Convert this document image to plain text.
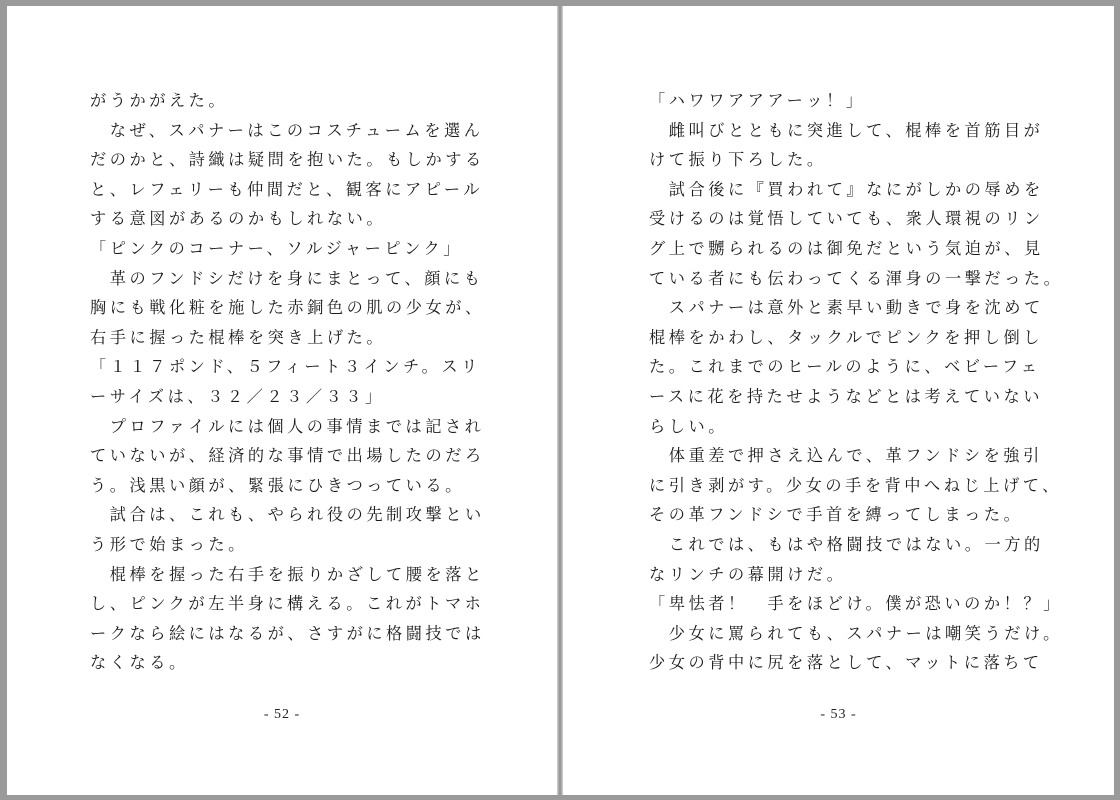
がうかがえた。
　なぜ、スパナーはこのコスチュームを選ん
だのかと、詩織は疑問を抱いた。もしかする
と、レフェリーも仲間だと、観客にアピール
する意図があるのかもしれない。
「ピンクのコーナー、ソルジャーピンク」
　革のフンドシだけを身にまとって、顔にも
胸にも戦化粧を施した赤銅色の肌の少女が、
右手に握った棍棒を突き上げた。
「１１７ポンド、５フィート３インチ。スリ
ーサイズは、３２／２３／３３」
　プロファイルには個人の事情までは記され
ていないが、経済的な事情で出場したのだろ
う。浅黒い顔が、緊張にひきつっている。
　試合は、これも、やられ役の先制攻撃とい
う形で始まった。
　棍棒を握った右手を振りかざして腰を落と
し、ピンクが左半身に構える。これがトマホ
ークなら絵にはなるが、さすがに格闘技では
なくなる。
- 52 -
「ハワワアアアーッ！」
　雌叫びとともに突進して、棍棒を首筋目が
けて振り下ろした。
　試合後に『買われて』なにがしかの辱めを
受けるのは覚悟していても、衆人環視のリン
グ上で嬲られるのは御免だという気迫が、見
ている者にも伝わってくる渾身の一撃だった。
　スパナーは意外と素早い動きで身を沈めて
棍棒をかわし、タックルでピンクを押し倒し
た。これまでのヒールのように、ベビーフェ
ースに花を持たせようなどとは考えていない
らしい。
　体重差で押さえ込んで、革フンドシを強引
に引き剥がす。少女の手を背中へねじ上げて、
その革フンドシで手首を縛ってしまった。
　これでは、もはや格闘技ではない。一方的
なリンチの幕開けだ。
「卑怯者！　手をほどけ。僕が恐いのか！？」
　少女に罵られても、スパナーは嘲笑うだけ。
少女の背中に尻を落として、マットに落ちて
- 53 -
